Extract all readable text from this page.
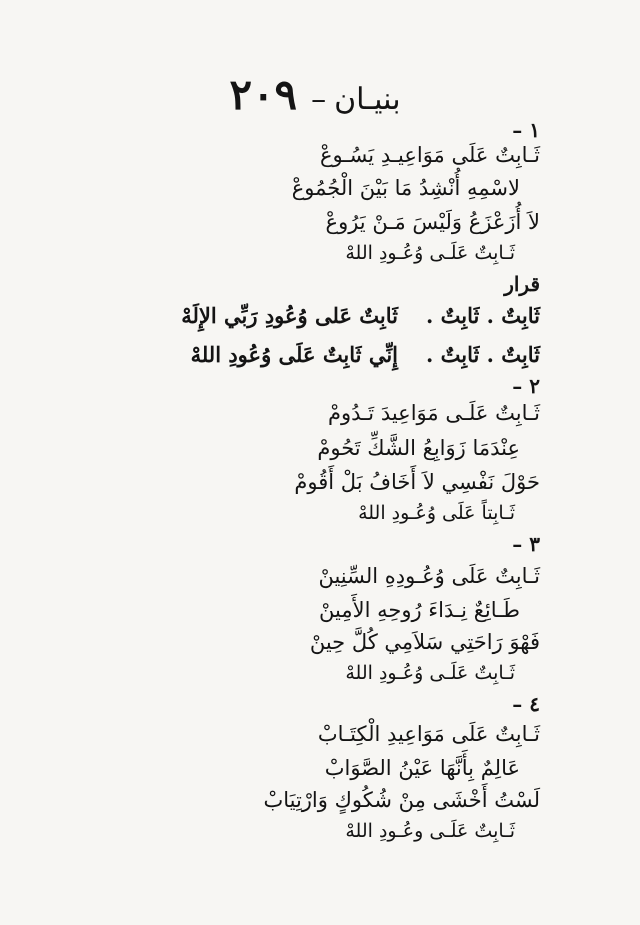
بنيـان–٢٠٩
١ –
ثَـابِتٌ عَلَى مَوَاعِيـدِ يَسُـوعْ
لاسْمِهِ أُنْشِدُ مَا بَيْنَ الْجُمُوعْ
لاَ أُزَعْزَعُ وَلَيْسَ مَـنْ يَرُوعْ
ثَـابِتٌ عَلَـى وُعُـودِ اللهْ
قرار
ثَابِتٌ . ثَابِتٌ .ثَابِتٌ عَلى وُعُودِ رَبِّي الإِلَهْ
ثَابِتٌ . ثَابِتٌ .إِنِّي ثَابِتٌ عَلَى وُعُودِ اللهْ
٢ –
ثَـابِتٌ عَلَـى مَوَاعِيدَ تَـدُومْ
عِنْدَمَا زَوَابِعُ الشَّكِّ تَحُومْ
حَوْلَ نَفْسِي لاَ أَخَافُ بَلْ أَقُومْ
ثَـابِتاً عَلَى وُعُـودِ اللهْ
٣ –
ثَـابِتٌ عَلَى وُعُـودِهِ السِّنِينْ
طَـائِعٌ نِـدَاءَ رُوحِهِ الأَمِينْ
فَهْوَ رَاحَتِي سَلاَمِي كُلَّ حِينْ
ثَـابِتٌ عَلَـى وُعُـودِ اللهْ
٤ –
ثَـابِتٌ عَلَى مَوَاعِيدِ الْكِتَـابْ
عَالِمٌ بِأَنَّهَا عَيْنُ الصَّوَابْ
لَسْتُ أَخْشَى مِنْ شُكُوكٍ وَارْتِيَابْ
ثَـابِتٌ عَلَـى وعُـودِ اللهْ
